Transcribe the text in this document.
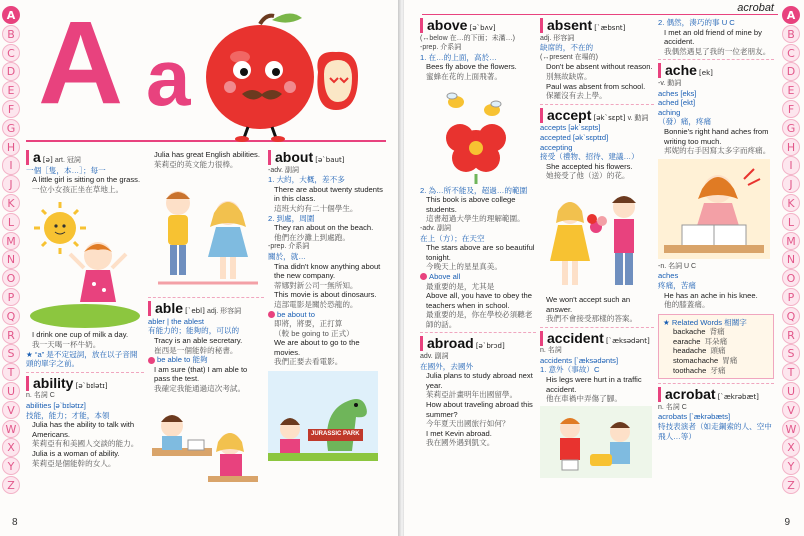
A
B
C
D
E
F
G
H
I
J
K
L
M
N
O
P
Q
R
S
T
U
V
W
X
Y
Z
A a
a [ə] art. 冠詞
一個［隻，本…］；每一
A little girl is sitting on the grass.
一位小女孩正坐在草地上。
I drink one cup of milk a day.
我一天喝一杯牛奶。
★ “a” 是不定冠詞，放在以子音開頭的單字之前。
ability [əˋbɪlətɪ]
n. 名詞 C
abilities [əˋbɪlətɪz]
技能，能力；才能，本領
Julia has the ability to talk with Americans.
茱莉亞有和美國人交談的能力。
Julia is a woman of ability.
茱莉亞是個能幹的女人。
Julia has great English abilities.
茱莉亞的英文能力很棒。
able [ˋebl] adj. 形容詞
abler | the ablest
有能力的；能夠的，可以的
Tracy is an able secretary.
崔西是一個能幹的秘書。
be able to 能夠
I am sure (that) I am able to pass the test.
我確定我能通過這次考試。
about [əˋbaut]
-adv. 副詞
1. 大約，大概，差不多
There are about twenty students in this class.
這班大約有二十個學生。
2. 到處，周圍
They ran about on the beach.
他們在沙灘上到處跑。
-prep. 介系詞
關於，就…
Tina didn't know anything about the new company.
蒂娜對新公司一無所知。
This movie is about dinosaurs.
這部電影是關於恐龍的。
be about to
即將，將要，正打算
（較 be going to 正式）
We are about to go to the movies.
我們正要去看電影。
JURASSIC PARK
8
acrobat
A
B
C
D
E
F
G
H
I
J
K
L
M
N
O
P
Q
R
S
T
U
V
W
X
Y
Z
above [əˋbʌv]
(↔below 在…的下面；未滿…)
-prep. 介系詞
1. 在…的上面，高於…
Bees fly above the flowers.
蜜蜂在花的上面飛著。
2. 為…所不能及，超過…的範圍
This book is above college students.
這書超過大學生的理解範圍。
-adv. 副詞
在上（方）；在天空
The stars above are so beautiful tonight.
今晚天上的星星真美。
Above all
最重要的是，尤其是
Above all, you have to obey the teachers when in school.
最重要的是，你在學校必須聽老師的話。
abroad [əˋbrɔd]
adv. 副詞
在國外，去國外
Julia plans to study abroad next year.
茱莉亞計畫明年出國留學。
How about traveling abroad this summer?
今年夏天出國旅行如何？
I met Kevin abroad.
我在國外遇到凱文。
absent [ˋæbsnt]
adj. 形容詞
缺席的，不在的
(↔present 在場的)
Don't be absent without reason.
別無故缺席。
Paul was absent from school.
保羅沒有去上學。
accept [əkˋsɛpt] v. 動詞
accepts [əkˋsɛpts]
accepted [əkˋsɛptɪd]
accepting
接受（禮物、招待、建議…）
She accepted his flowers.
她接受了他（送）的花。
We won't accept such an answer.
我們不會接受那樣的答案。
accident [ˋæksədənt]
n. 名詞
accidents [ˋæksədənts]
1. 意外（事故）C
His legs were hurt in a traffic accident.
他在車禍中弄傷了腳。
2. 偶然，湊巧的事 U C
I met an old friend of mine by accident.
我偶然遇見了我的一位老朋友。
ache [ek]
-v. 動詞
aches [eks]
ached [ekt]
aching
（發）痛，疼痛
Bonnie's right hand aches from writing too much.
邦妮的右手因寫太多字而疼痛。
-n. 名詞 U C
aches
疼痛，苦痛
He has an ache in his knee.
他的膝蓋痛。
★ Related Words 相關字
backache 背痛
earache 耳朵痛
headache 頭痛
stomachache 胃痛
toothache 牙痛
acrobat [ˋækrəbæt]
n. 名詞 C
acrobats [ˋækrəbæts]
特技表演者（如走鋼索的人、空中飛人…等）
9
